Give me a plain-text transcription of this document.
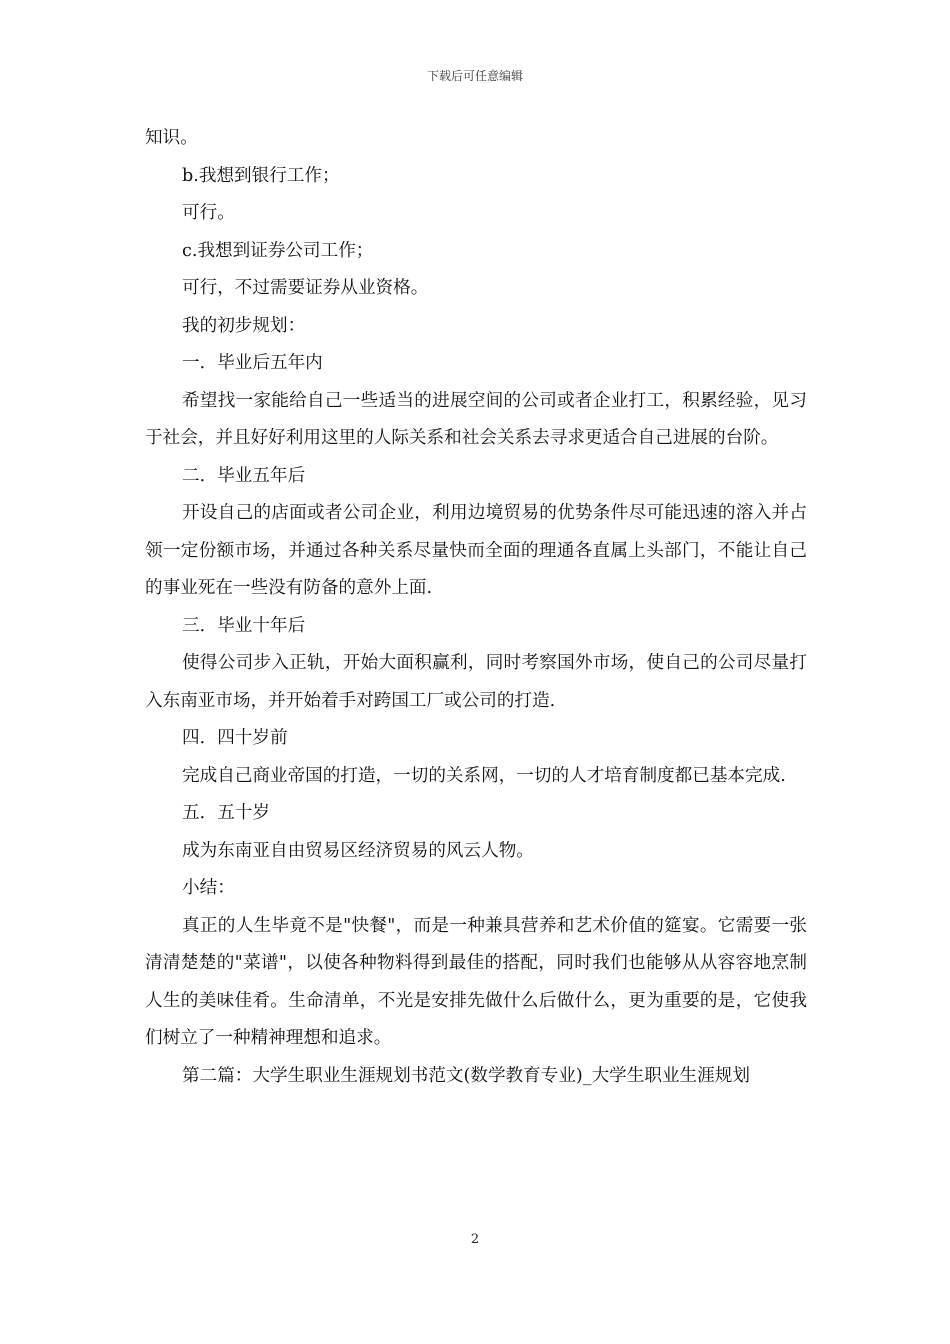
下载后可任意编辑

知识。

b.我想到银行工作；

可行。

c.我想到证券公司工作；

可行，不过需要证券从业资格。

我的初步规划：

一．毕业后五年内

希望找一家能给自己一些适当的进展空间的公司或者企业打工，积累经验，见习于社会，并且好好利用这里的人际关系和社会关系去寻求更适合自己进展的台阶。

二．毕业五年后

开设自己的店面或者公司企业，利用边境贸易的优势条件尽可能迅速的溶入并占领一定份额市场，并通过各种关系尽量快而全面的理通各直属上头部门，不能让自己的事业死在一些没有防备的意外上面.

三．毕业十年后

使得公司步入正轨，开始大面积赢利，同时考察国外市场，使自己的公司尽量打入东南亚市场，并开始着手对跨国工厂或公司的打造.

四．四十岁前

完成自己商业帝国的打造，一切的关系网，一切的人才培育制度都已基本完成.

五．五十岁

成为东南亚自由贸易区经济贸易的风云人物。

小结：

真正的人生毕竟不是"快餐"，而是一种兼具营养和艺术价值的筵宴。它需要一张清清楚楚的"菜谱"，以使各种物料得到最佳的搭配，同时我们也能够从从容容地烹制人生的美味佳肴。生命清单，不光是安排先做什么后做什么，更为重要的是，它使我们树立了一种精神理想和追求。

第二篇：大学生职业生涯规划书范文(数学教育专业)_大学生职业生涯规划

2
